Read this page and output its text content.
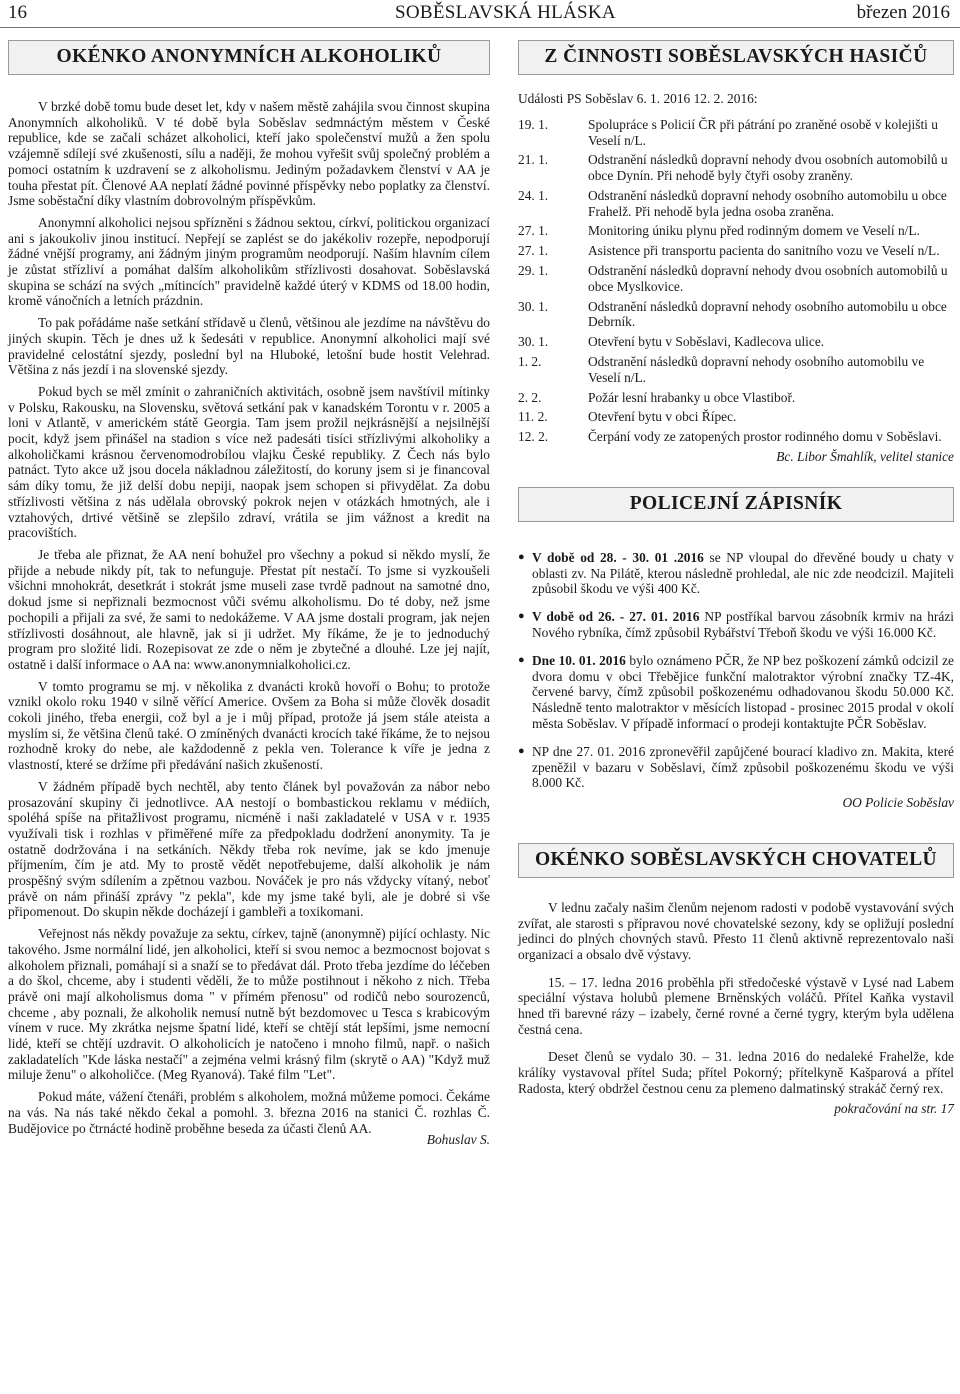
16	SOBĚSLAVSKÁ HLÁSKA	březen 2016
OKÉNKO ANONYMNÍCH ALKOHOLIKŮ

V brzké době tomu bude deset let, kdy v našem městě zahájila svou činnost skupina Anonymních alkoholiků. V té době byla Soběslav sedmnáctým městem v České republice, kde se začali scházet alkoholici, kteří jako společenství mužů a žen spolu vzájemně sdílejí své zkušenosti, sílu a naději, že mohou vyřešit svůj společný problém a pomoci ostatním k uzdravení se z alkoholismu. Jediným požadavkem členství v AA je touha přestat pít. Členové AA neplatí žádné povinné příspěvky nebo poplatky za členství. Jsme soběstační díky vlastním dobrovolným příspěvkům.

Anonymní alkoholici nejsou spřízněni s žádnou sektou, církví, politickou organizací ani s jakoukoliv jinou institucí. Nepřejí se zaplést se do jakékoliv rozepře, nepodporují žádné vnější programy, ani žádným jiným programům neodporují. Naším hlavním cílem je zůstat střízliví a pomáhat dalším alkoholikům střízlivosti dosahovat. Soběslavská skupina se schází na svých „mítincích" pravidelně každé úterý v KDMS od 18.00 hodin, kromě vánočních a letních prázdnin.

To pak pořádáme naše setkání střídavě u členů, většinou ale jezdíme na návštěvu do jiných skupin. Těch je dnes už k šedesáti v republice. Anonymní alkoholici mají své pravidelné celostátní sjezdy, poslední byl na Hluboké, letošní bude hostit Velehrad. Většina z nás jezdí i na slovenské sjezdy.

Pokud bych se měl zmínit o zahraničních aktivitách, osobně jsem navštívil mítinky v Polsku, Rakousku, na Slovensku, světová setkání pak v kanadském Torontu v r. 2005 a loni v Atlantě, v americkém státě Georgia. Tam jsem prožil nejkrásnější a nejsilnější pocit, když jsem přinášel na stadion s více než padesáti tisíci střízlivými alkoholiky a alkoholičkami krásnou červenomodrobílou vlajku České republiky. Z Čech nás bylo patnáct. Tyto akce už jsou docela nákladnou záležitostí, do koruny jsem si je financoval sám díky tomu, že již delší dobu nepiji, naopak jsem schopen si přivydělat. Za dobu střízlivosti většina z nás udělala obrovský pokrok nejen v otázkách hmotných, ale i vztahových, drtivé většině se zlepšilo zdraví, vrátila se jim vážnost a kredit na pracovištích.

Je třeba ale přiznat, že AA není bohužel pro všechny a pokud si někdo myslí, že přijde a nebude nikdy pít, tak to nefunguje. Přestat pít nestačí. To jsme si vyzkoušeli všichni mnohokrát, desetkrát i stokrát jsme museli zase tvrdě padnout na samotné dno, dokud jsme si nepřiznali bezmocnost vůči svému alkoholismu. Do té doby, než jsme pochopili a přijali za své, že sami to nedokážeme. V AA jsme dostali program, jak nejen střízlivosti dosáhnout, ale hlavně, jak si ji udržet. My říkáme, že je to jednoduchý program pro složité lidi. Rozepisovat ze zde o něm je zbytečné a dlouhé. Lze jej najít, ostatně i další informace o AA na: www.anonymnialkoholici.cz.

V tomto programu se mj. v několika z dvanácti kroků hovoří o Bohu; to protože vznikl okolo roku 1940 v silně věřící Americe. Ovšem za Boha si může člověk dosadit cokoli jiného, třeba energii, což byl a je i můj případ, protože já jsem stále ateista a myslím si, že většina členů také. O zmíněných dvanácti krocích také říkáme, že to nejsou rozhodně kroky do nebe, ale každodenně z pekla ven. Tolerance k víře je jedna z vlastností, které se držíme při předávání našich zkušeností.

V žádném případě bych nechtěl, aby tento článek byl považován za nábor nebo prosazování skupiny či jednotlivce. AA nestojí o bombastickou reklamu v médiích, spoléhá spíše na přitažlivost programu, nicméně i naši zakladatelé v USA v r. 1935 využívali tisk i rozhlas v přiměřené míře za předpokladu dodržení anonymity. Ta je ostatně dodržována i na setkáních. Někdy třeba rok nevíme, jak se kdo jmenuje příjmením, čím je atd. My to prostě vědět nepotřebujeme, další alkoholik je nám prospěšný svým sdílením a zpětnou vazbou. Nováček je pro nás vždycky vítaný, neboť právě on nám přináší zprávy "z pekla", kde my jsme také byli, ale je dobré si vše připomenout. Do skupin někde docházejí i gambleři a toxikomani.

Veřejnost nás někdy považuje za sektu, církev, tajně (anonymně) pijící ochlasty. Nic takového. Jsme normální lidé, jen alkoholici, kteří si svou nemoc a bezmocnost bojovat s alkoholem přiznali, pomáhají si a snaží se to předávat dál. Proto třeba jezdíme do léčeben a do škol, chceme, aby i studenti věděli, že to může postihnout i někoho z nich. Třeba právě oni mají alkoholismus doma " v přímém přenosu" od rodičů nebo sourozenců, chceme , aby poznali, že alkoholik nemusí nutně být bezdomovec u Tesca s krabicovým vínem v ruce. My zkrátka nejsme špatní lidé, kteří se chtějí stát lepšími, jsme nemocní lidé, kteří se chtějí uzdravit. O alkoholicích je natočeno i mnoho filmů, např. o našich zakladatelích "Kde láska nestačí" a zejména velmi krásný film (skrytě o AA) "Když muž miluje ženu" o alkoholičce. (Meg Ryanová). Také film "Let".

Pokud máte, vážení čtenáři, problém s alkoholem, možná můžeme pomoci. Čekáme na vás. Na nás také někdo čekal a pomohl. 3. března 2016 na stanici Č. rozhlas Č. Budějovice po čtrnácté hodině proběhne beseda za účasti členů AA.

Bohuslav S.

Z ČINNOSTI SOBĚSLAVSKÝCH HASIČŮ

Události PS Soběslav 6. 1. 2016 12. 2. 2016:

19. 1.	Spolupráce s Policií ČR při pátrání po zraněné osobě v kolejišti u Veselí n/L.
21. 1.	Odstranění následků dopravní nehody dvou osobních automobilů u obce Dynín. Při nehodě byly čtyři osoby zraněny.
24. 1.	Odstranění následků dopravní nehody osobního automobilu u obce Frahelž. Při nehodě byla jedna osoba zraněna.
27. 1.	Monitoring úniku plynu před rodinným domem ve Veselí n/L.
27. 1.	Asistence při transportu pacienta do sanitního vozu ve Veselí n/L.
29. 1.	Odstranění následků dopravní nehody dvou osobních automobilů u obce Myslkovice.
30. 1.	Odstranění následků dopravní nehody osobního automobilu u obce Debrník.
30. 1.	Otevření bytu v Soběslavi, Kadlecova ulice.
1. 2.	Odstranění následků dopravní nehody osobního automobilu ve Veselí n/L.
2. 2.	Požár lesní hrabanky u obce Vlastiboř.
11. 2.	Otevření bytu v obci Řípec.
12. 2.	Čerpání vody ze zatopených prostor rodinného domu v Soběslavi.

Bc. Libor Šmahlík, velitel stanice

POLICEJNÍ ZÁPISNÍK
● V době od 28. - 30. 01 .2016 se NP vloupal do dřevěné boudy u chaty v oblasti zv. Na Pilátě, kterou následně prohledal, ale nic zde neodcizil. Majiteli způsobil škodu ve výši 400 Kč.
● V době od 26. - 27. 01. 2016 NP postříkal barvou zásobník krmiv na hrázi Nového rybníka, čímž způsobil Rybářství Třeboň škodu ve výši 16.000 Kč.
● Dne 10. 01. 2016 bylo oznámeno PČR, že NP bez poškození zámků odcizil ze dvora domu v obci Třebějice funkční malotraktor výrobní značky TZ-4K, červené barvy, čímž způsobil poškozenému odhadovanou škodu 50.000 Kč. Následně tento malotraktor v měsících listopad - prosinec 2015 prodal v okolí města Soběslav. V případě informací o prodeji kontaktujte PČR Soběslav.
● NP dne 27. 01. 2016 zpronevěřil zapůjčené bourací kladivo zn. Makita, které zpeněžil v bazaru v Soběslavi, čímž způsobil poškozenému škodu ve výši 8.000 Kč.

OO Policie Soběslav

OKÉNKO SOBĚSLAVSKÝCH CHOVATELŮ

V lednu začaly našim členům nejenom radosti v podobě vystavování svých zvířat, ale starosti s přípravou nové chovatelské sezony, kdy se opližují poslední jedinci do plných chovných stavů. Přesto 11 členů aktivně reprezentovalo naši organizaci a obsalo dvě výstavy.

15. – 17. ledna 2016 proběhla při středočeské výstavě v Lysé nad Labem speciální výstava holubů plemene Brněnských voláčů. Přítel Kaňka vystavil hned tři barevné rázy – izabely, černé rovné a černé tygry, kterým byla udělena čestná cena.

Deset členů se vydalo 30. – 31. ledna 2016 do nedaleké Frahelže, kde králíky vystavoval přítel Suda; přítel Pokorný; přítelkyně Kašparová a přítel Radosta, který obdržel čestnou cenu za plemeno dalmatinský strakáč černý rex.

pokračování na str. 17
